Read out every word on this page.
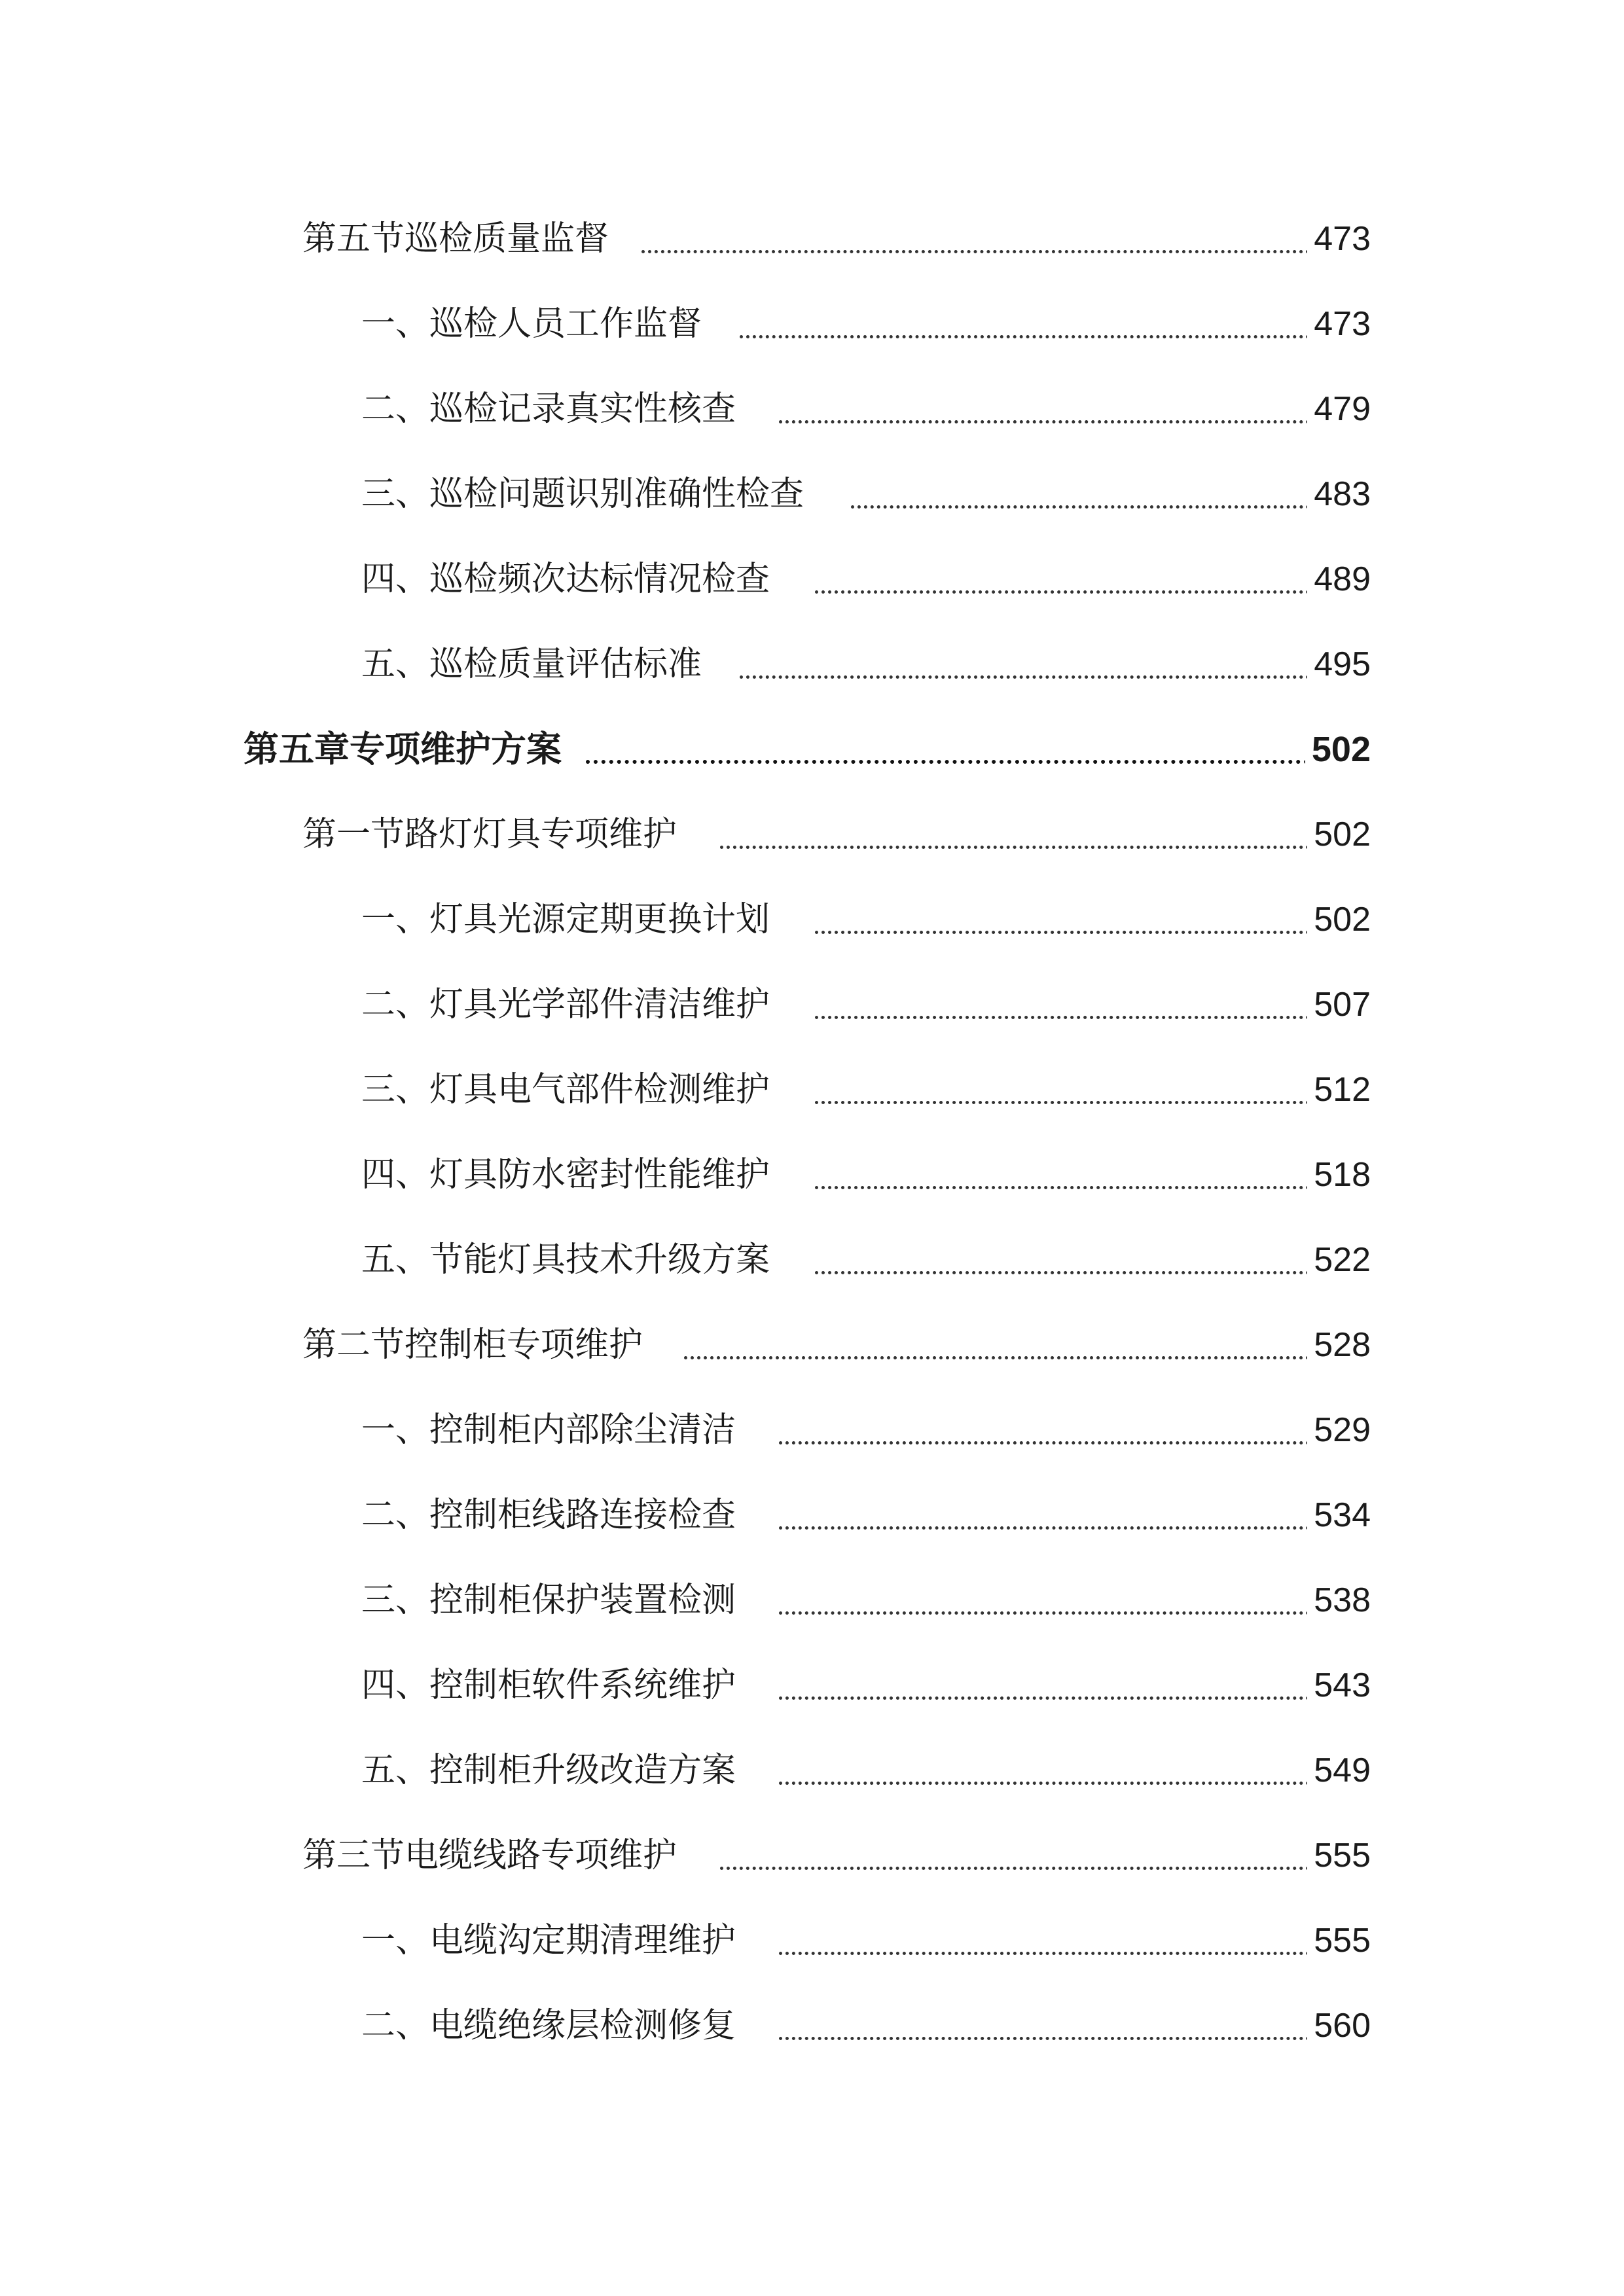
第五节巡检质量监督	473
一、巡检人员工作监督	473
二、巡检记录真实性核查	479
三、巡检问题识别准确性检查	483
四、巡检频次达标情况检查	489
五、巡检质量评估标准	495
第五章专项维护方案	502
第一节路灯灯具专项维护	502
一、灯具光源定期更换计划	502
二、灯具光学部件清洁维护	507
三、灯具电气部件检测维护	512
四、灯具防水密封性能维护	518
五、节能灯具技术升级方案	522
第二节控制柜专项维护	528
一、控制柜内部除尘清洁	529
二、控制柜线路连接检查	534
三、控制柜保护装置检测	538
四、控制柜软件系统维护	543
五、控制柜升级改造方案	549
第三节电缆线路专项维护	555
一、电缆沟定期清理维护	555
二、电缆绝缘层检测修复	560
